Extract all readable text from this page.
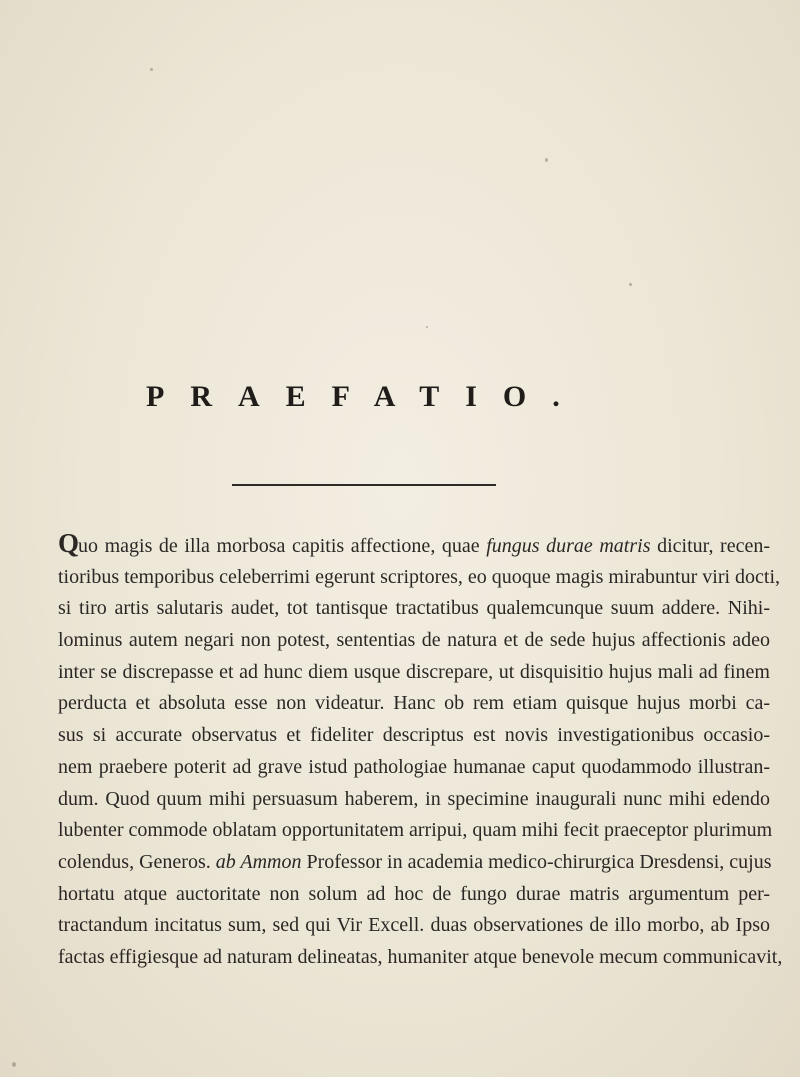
PRAEFATIO.
Quo magis de illa morbosa capitis affectione, quae fungus durae matris dicitur, recen-
tioribus temporibus celeberrimi egerunt scriptores, eo quoque magis mirabuntur viri docti,
si tiro artis salutaris audet, tot tantisque tractatibus qualemcunque suum addere. Nihi-
lominus autem negari non potest, sententias de natura et de sede hujus affectionis adeo
inter se discrepasse et ad hunc diem usque discrepare, ut disquisitio hujus mali ad finem
perducta et absoluta esse non videatur. Hanc ob rem etiam quisque hujus morbi ca-
sus si accurate observatus et fideliter descriptus est novis investigationibus occasio-
nem praebere poterit ad grave istud pathologiae humanae caput quodammodo illustran-
dum. Quod quum mihi persuasum haberem, in specimine inaugurali nunc mihi edendo
lubenter commode oblatam opportunitatem arripui, quam mihi fecit praeceptor plurimum
colendus, Generos. ab Ammon Professor in academia medico-chirurgica Dresdensi, cujus
hortatu atque auctoritate non solum ad hoc de fungo durae matris argumentum per-
tractandum incitatus sum, sed qui Vir Excell. duas observationes de illo morbo, ab Ipso
factas effigiesque ad naturam delineatas, humaniter atque benevole mecum communicavit,
